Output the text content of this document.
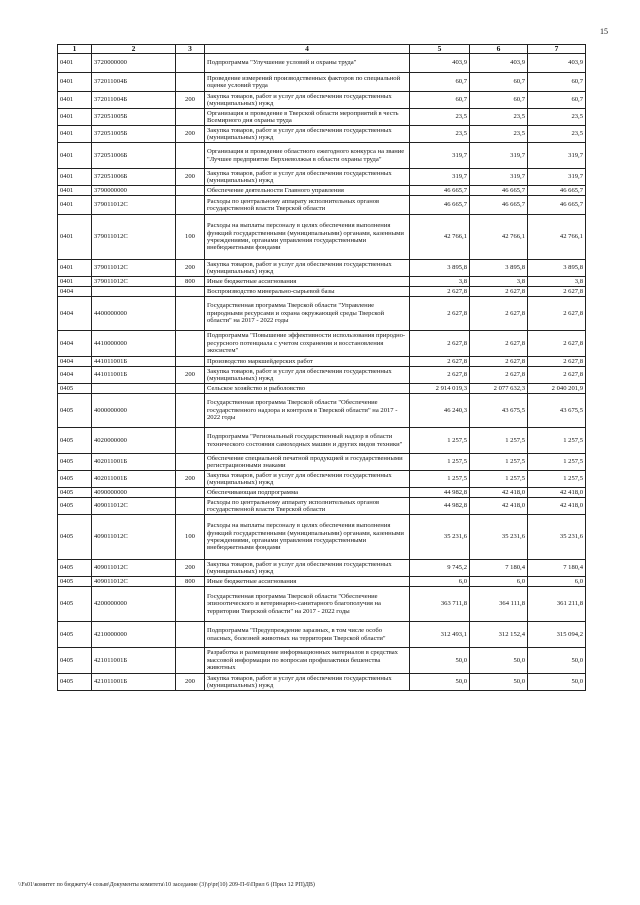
15
1	2	3	4	5	6	7
0401	3720000000		Подпрограмма "Улучшение условий и охраны труда"	403,9	403,9	403,9
0401	372011004Б		Проведение измерений производственных факторов по специальной оценке условий труда	60,7	60,7	60,7
0401	372011004Б	200	Закупка товаров, работ и услуг для обеспечения государственных (муниципальных) нужд	60,7	60,7	60,7
0401	372051005Б		Организация и проведение в Тверской области мероприятий в честь Всемирного дня охраны труда	23,5	23,5	23,5
0401	372051005Б	200	Закупка товаров, работ и услуг для обеспечения государственных (муниципальных) нужд	23,5	23,5	23,5
0401	372051006Б		Организация и проведение областного ежегодного конкурса на звание "Лучшее предприятие Верхневолжья в области охраны труда"	319,7	319,7	319,7
0401	372051006Б	200	Закупка товаров, работ и услуг для обеспечения государственных (муниципальных) нужд	319,7	319,7	319,7
0401	3790000000		Обеспечение деятельности Главного управления	46 665,7	46 665,7	46 665,7
0401	379011012С		Расходы по центральному аппарату исполнительных органов государственной власти Тверской области	46 665,7	46 665,7	46 665,7
0401	379011012С	100	Расходы на выплаты персоналу в целях обеспечения выполнения функций государственными (муниципальными) органами, казенными учреждениями, органами управления государственными внебюджетными фондами	42 766,1	42 766,1	42 766,1
0401	379011012С	200	Закупка товаров, работ и услуг для обеспечения государственных (муниципальных) нужд	3 895,8	3 895,8	3 895,8
0401	379011012С	800	Иные бюджетные ассигнования	3,8	3,8	3,8
0404			Воспроизводство минерально-сырьевой базы	2 627,8	2 627,8	2 627,8
0404	4400000000		Государственная программа Тверской области "Управление природными ресурсами и охрана окружающей среды Тверской области" на 2017 - 2022 годы	2 627,8	2 627,8	2 627,8
0404	4410000000		Подпрограмма "Повышение эффективности использования природно-ресурсного потенциала с учетом сохранения и восстановления экосистем"	2 627,8	2 627,8	2 627,8
0404	441011001Б		Производство маркшейдерских работ	2 627,8	2 627,8	2 627,8
0404	441011001Б	200	Закупка товаров, работ и услуг для обеспечения государственных (муниципальных) нужд	2 627,8	2 627,8	2 627,8
0405			Сельское хозяйство и рыболовство	2 914 019,3	2 077 632,3	2 040 201,9
0405	4000000000		Государственная программа Тверской области "Обеспечение государственного надзора и контроля в Тверской области" на 2017 - 2022 годы	46 240,3	43 675,5	43 675,5
0405	4020000000		Подпрограмма "Региональный государственный надзор в области технического состояния самоходных машин и других видов техники"	1 257,5	1 257,5	1 257,5
0405	402011001Б		Обеспечение специальной печатной продукцией и государственными регистрационными знаками	1 257,5	1 257,5	1 257,5
0405	402011001Б	200	Закупка товаров, работ и услуг для обеспечения государственных (муниципальных) нужд	1 257,5	1 257,5	1 257,5
0405	4090000000		Обеспечивающая подпрограмма	44 982,8	42 418,0	42 418,0
0405	409011012С		Расходы по центральному аппарату исполнительных органов государственной власти Тверской области	44 982,8	42 418,0	42 418,0
0405	409011012С	100	Расходы на выплаты персоналу в целях обеспечения выполнения функций государственными (муниципальными) органами, казенными учреждениями, органами управления государственными внебюджетными фондами	35 231,6	35 231,6	35 231,6
0405	409011012С	200	Закупка товаров, работ и услуг для обеспечения государственных (муниципальных) нужд	9 745,2	7 180,4	7 180,4
0405	409011012С	800	Иные бюджетные ассигнования	6,0	6,0	6,0
0405	4200000000		Государственная программа Тверской области "Обеспечение эпизоотического и ветеринарно-санитарного благополучия на территории Тверской области" на 2017 - 2022 годы	363 711,8	364 111,8	361 211,8
0405	4210000000		Подпрограмма "Предупреждение заразных, в том числе особо опасных, болезней животных на территории Тверской области"	312 493,1	312 152,4	315 094,2
0405	421011001Б		Разработка и размещение информационных материалов в средствах массовой информации по вопросам профилактики бешенства животных	50,0	50,0	50,0
0405	421011001Б	200	Закупка товаров, работ и услуг для обеспечения государственных (муниципальных) нужд	50,0	50,0	50,0
\\Fs01\комитет по бюджету\4 созыв\Документы комитета\10 заседание (3)\p\pr(10) 209-П-6\Прил 6 (Прил 12 РП)ДВ)
